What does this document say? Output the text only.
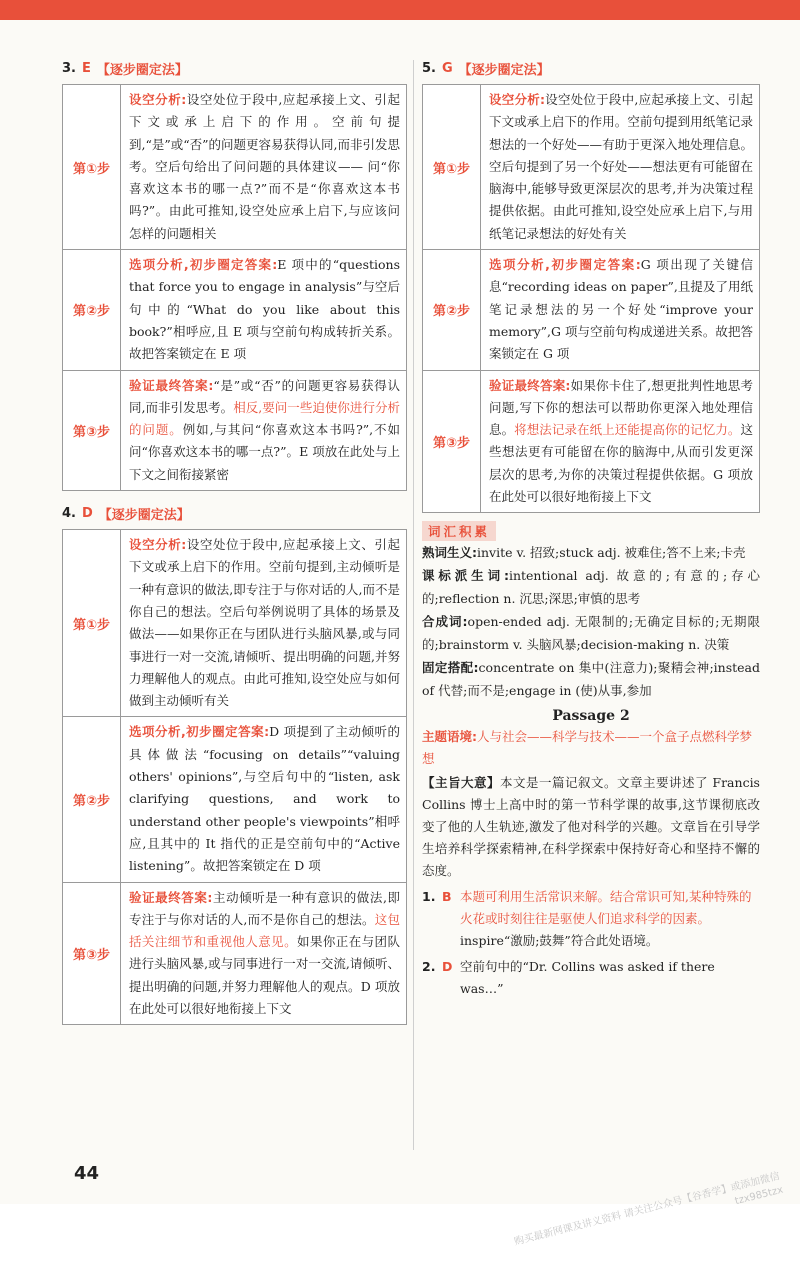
3. E 【逐步圈定法】
第①步	设空分析:设空处位于段中,应起承接上文、引起下文或承上启下的作用。空前句提到,“是”或“否”的问题更容易获得认同,而非引发思考。空后句给出了问问题的具体建议—— 问“你喜欢这本书的哪一点?”而不是“你喜欢这本书吗?”。由此可推知,设空处应承上启下,与应该问怎样的问题相关
第②步	选项分析,初步圈定答案:E 项中的“questions that force you to engage in analysis”与空后句中的“What do you like about this book?”相呼应,且 E 项与空前句构成转折关系。故把答案锁定在 E 项
第③步	验证最终答案:“是”或“否”的问题更容易获得认同,而非引发思考。相反,要问一些迫使你进行分析的问题。例如,与其问“你喜欢这本书吗?”,不如问“你喜欢这本书的哪一点?”。E 项放在此处与上下文之间衔接紧密
4. D 【逐步圈定法】
第①步	设空分析:设空处位于段中,应起承接上文、引起下文或承上启下的作用。空前句提到,主动倾听是一种有意识的做法,即专注于与你对话的人,而不是你自己的想法。空后句举例说明了具体的场景及做法——如果你正在与团队进行头脑风暴,或与同事进行一对一交流,请倾听、提出明确的问题,并努力理解他人的观点。由此可推知,设空处应与如何做到主动倾听有关
第②步	选项分析,初步圈定答案:D 项提到了主动倾听的具体做法“focusing on details”“valuing others' opinions”,与空后句中的“listen, ask clarifying questions, and work to understand other people's viewpoints”相呼应,且其中的 It 指代的正是空前句中的“Active listening”。故把答案锁定在 D 项
第③步	验证最终答案:主动倾听是一种有意识的做法,即专注于与你对话的人,而不是你自己的想法。这包括关注细节和重视他人意见。如果你正在与团队进行头脑风暴,或与同事进行一对一交流,请倾听、提出明确的问题,并努力理解他人的观点。D 项放在此处可以很好地衔接上下文
5. G 【逐步圈定法】
第①步	设空分析:设空处位于段中,应起承接上文、引起下文或承上启下的作用。空前句提到用纸笔记录想法的一个好处——有助于更深入地处理信息。空后句提到了另一个好处——想法更有可能留在脑海中,能够导致更深层次的思考,并为决策过程提供依据。由此可推知,设空处应承上启下,与用纸笔记录想法的好处有关
第②步	选项分析,初步圈定答案:G 项出现了关键信息“recording ideas on paper”,且提及了用纸笔记录想法的另一个好处“improve your memory”,G 项与空前句构成递进关系。故把答案锁定在 G 项
第③步	验证最终答案:如果你卡住了,想更批判性地思考问题,写下你的想法可以帮助你更深入地处理信息。将想法记录在纸上还能提高你的记忆力。这些想法更有可能留在你的脑海中,从而引发更深层次的思考,为你的决策过程提供依据。G 项放在此处可以很好地衔接上下文
词汇积累
熟词生义:invite v. 招致;stuck adj. 被难住;答不上来;卡壳
课标派生词:intentional adj. 故意的;有意的;存心的;reflection n. 沉思;深思;审慎的思考
合成词:open-ended adj. 无限制的;无确定目标的;无期限的;brainstorm v. 头脑风暴;decision-making n. 决策
固定搭配:concentrate on 集中(注意力);聚精会神;instead of 代替;而不是;engage in (使)从事,参加
Passage 2
主题语境:人与社会——科学与技术——一个盒子点燃科学梦想
【主旨大意】本文是一篇记叙文。文章主要讲述了 Francis Collins 博士上高中时的第一节科学课的故事,这节课彻底改变了他的人生轨迹,激发了他对科学的兴趣。文章旨在引导学生培养科学探索精神,在科学探索中保持好奇心和坚持不懈的态度。
1. B 本题可利用生活常识来解。结合常识可知,某种特殊的火花或时刻往往是驱使人们追求科学的因素。inspire“激励;鼓舞”符合此处语境。
2. D 空前句中的“Dr. Collins was asked if there was…”
44	购买最新网课及讲义资料 请关注公众号【谷香学】或添加微信 tzx985tzx
